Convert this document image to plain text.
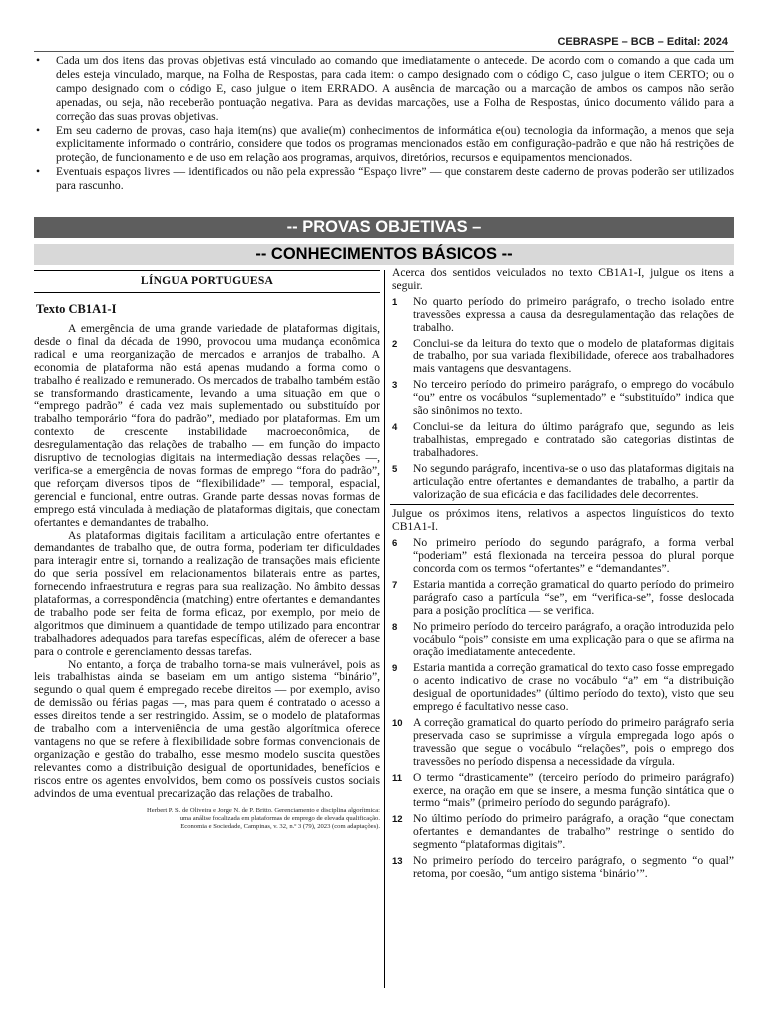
CEBRASPE – BCB – Edital: 2024
• Cada um dos itens das provas objetivas está vinculado ao comando que imediatamente o antecede. De acordo com o comando a que cada um deles esteja vinculado, marque, na Folha de Respostas, para cada item: o campo designado com o código C, caso julgue o item CERTO; ou o campo designado com o código E, caso julgue o item ERRADO. A ausência de marcação ou a marcação de ambos os campos não serão apenadas, ou seja, não receberão pontuação negativa. Para as devidas marcações, use a Folha de Respostas, único documento válido para a correção das suas provas objetivas.
• Em seu caderno de provas, caso haja item(ns) que avalie(m) conhecimentos de informática e(ou) tecnologia da informação, a menos que seja explicitamente informado o contrário, considere que todos os programas mencionados estão em configuração-padrão e que não há restrições de proteção, de funcionamento e de uso em relação aos programas, arquivos, diretórios, recursos e equipamentos mencionados.
• Eventuais espaços livres — identificados ou não pela expressão “Espaço livre” — que constarem deste caderno de provas poderão ser utilizados para rascunho.
-- PROVAS OBJETIVAS –
-- CONHECIMENTOS BÁSICOS --
LÍNGUA PORTUGUESA
Texto CB1A1-I

A emergência de uma grande variedade de plataformas digitais, desde o final da década de 1990, provocou uma mudança econômica radical e uma reorganização de mercados e arranjos de trabalho. A economia de plataforma não está apenas mudando a forma como o trabalho é realizado e remunerado. Os mercados de trabalho também estão se transformando drasticamente, levando a uma situação em que o “emprego padrão” é cada vez mais suplementado ou substituído por trabalho temporário “fora do padrão”, mediado por plataformas. Em um contexto de crescente instabilidade macroeconômica, de desregulamentação das relações de trabalho — em função do impacto disruptivo de tecnologias digitais na intermediação dessas relações —, verifica-se a emergência de novas formas de emprego “fora do padrão”, que reforçam diversos tipos de “flexibilidade” — temporal, espacial, gerencial e funcional, entre outras. Grande parte dessas novas formas de emprego está vinculada à mediação de plataformas digitais, que conectam ofertantes e demandantes de trabalho.

As plataformas digitais facilitam a articulação entre ofertantes e demandantes de trabalho que, de outra forma, poderiam ter dificuldades para interagir entre si, tornando a realização de transações mais eficiente do que seria possível em relacionamentos bilaterais entre as partes, fornecendo infraestrutura e regras para sua realização. No âmbito dessas plataformas, a correspondência (matching) entre ofertantes e demandantes de trabalho pode ser feita de forma eficaz, por exemplo, por meio de algoritmos que diminuem a quantidade de tempo utilizado para encontrar trabalhadores adequados para tarefas específicas, além de oferecer a base para o controle e gerenciamento dessas tarefas.

No entanto, a força de trabalho torna-se mais vulnerável, pois as leis trabalhistas ainda se baseiam em um antigo sistema “binário”, segundo o qual quem é empregado recebe direitos — por exemplo, aviso de demissão ou férias pagas —, mas para quem é contratado o acesso a esses direitos tende a ser restringido. Assim, se o modelo de plataformas de trabalho com a interveniência de uma gestão algorítmica oferece vantagens no que se refere à flexibilidade sobre formas convencionais de organização e gestão do trabalho, esse mesmo modelo suscita questões relevantes como a distribuição desigual de oportunidades, benefícios e riscos entre os agentes envolvidos, bem como os possíveis custos sociais advindos de uma eventual precarização das relações de trabalho.

Herbert P. S. de Oliveira e Jorge N. de P. Britto. Gerenciamento e disciplina algorítmica:
uma análise focalizada em plataformas de emprego de elevada qualificação.
Economia e Sociedade, Campinas, v. 32, n.º 3 (79), 2023 (com adaptações).

Acerca dos sentidos veiculados no texto CB1A1-I, julgue os itens a seguir.

1 No quarto período do primeiro parágrafo, o trecho isolado entre travessões expressa a causa da desregulamentação das relações de trabalho.
2 Conclui-se da leitura do texto que o modelo de plataformas digitais de trabalho, por sua variada flexibilidade, oferece aos trabalhadores mais vantagens que desvantagens.
3 No terceiro período do primeiro parágrafo, o emprego do vocábulo “ou” entre os vocábulos “suplementado” e “substituído” indica que são sinônimos no texto.
4 Conclui-se da leitura do último parágrafo que, segundo as leis trabalhistas, empregado e contratado são categorias distintas de trabalhadores.
5 No segundo parágrafo, incentiva-se o uso das plataformas digitais na articulação entre ofertantes e demandantes de trabalho, a partir da valorização de sua eficácia e das facilidades dele decorrentes.

Julgue os próximos itens, relativos a aspectos linguísticos do texto CB1A1-I.

6 No primeiro período do segundo parágrafo, a forma verbal “poderiam” está flexionada na terceira pessoa do plural porque concorda com os termos “ofertantes” e “demandantes”.
7 Estaria mantida a correção gramatical do quarto período do primeiro parágrafo caso a partícula “se”, em “verifica-se”, fosse deslocada para a posição proclítica — se verifica.
8 No primeiro período do terceiro parágrafo, a oração introduzida pelo vocábulo “pois” consiste em uma explicação para o que se afirma na oração imediatamente antecedente.
9 Estaria mantida a correção gramatical do texto caso fosse empregado o acento indicativo de crase no vocábulo “a” em “a distribuição desigual de oportunidades” (último período do texto), visto que seu emprego é facultativo nesse caso.
10 A correção gramatical do quarto período do primeiro parágrafo seria preservada caso se suprimisse a vírgula empregada logo após o travessão que segue o vocábulo “relações”, pois o emprego dos travessões no período dispensa a necessidade da vírgula.
11 O termo “drasticamente” (terceiro período do primeiro parágrafo) exerce, na oração em que se insere, a mesma função sintática que o termo “mais” (primeiro período do segundo parágrafo).
12 No último período do primeiro parágrafo, a oração “que conectam ofertantes e demandantes de trabalho” restringe o sentido do segmento “plataformas digitais”.
13 No primeiro período do terceiro parágrafo, o segmento “o qual” retoma, por coesão, “um antigo sistema ‘binário’”.
